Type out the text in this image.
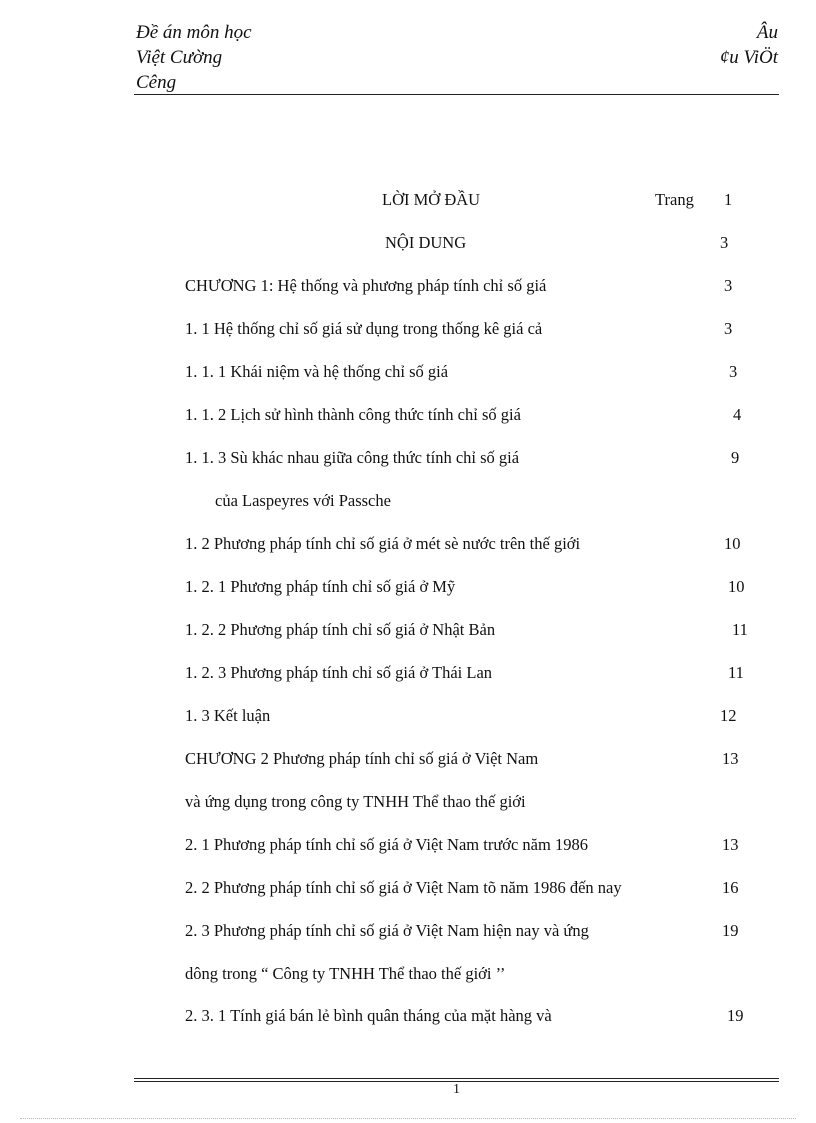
Đề án môn học
Việt Cường
Cêng
Âu
¢u ViÖt
LỜI MỞ ĐẦU	Trang 1
NỘI DUNG	3
CHƯƠNG 1: Hệ thống và phương pháp tính chỉ số giá	3
1. 1 Hệ thống chỉ số giá sử dụng trong thống kê giá cả	3
1. 1. 1 Khái niệm và hệ thống chỉ số giá	3
1. 1. 2 Lịch sử hình thành công thức tính chỉ số giá	4
1. 1. 3 Sù khác nhau giữa công thức tính chỉ số giá	9
của Laspeyres với Passche
1. 2 Phương pháp tính chỉ số giá ở mét sè nước trên thế giới	10
1. 2. 1 Phương pháp tính chỉ số giá ở Mỹ	10
1. 2. 2 Phương pháp tính chỉ số giá ở Nhật Bản	11
1. 2. 3 Phương pháp tính chỉ số giá ở Thái Lan	11
1. 3 Kết luận	12
CHƯƠNG 2 Phương pháp tính chỉ số giá ở Việt Nam	13
và ứng dụng trong công ty TNHH Thể thao thế giới
2. 1 Phương pháp tính chỉ số giá ở Việt Nam trước năm 1986	13
2. 2 Phương pháp tính chỉ số giá ở Việt Nam tõ năm 1986 đến nay	16
2. 3 Phương pháp tính chỉ số giá ở Việt Nam hiện nay và ứng	19
dông trong “ Công ty TNHH Thể thao thế giới ’’
2. 3. 1 Tính giá bán lẻ bình quân tháng của mặt hàng và	19
1
